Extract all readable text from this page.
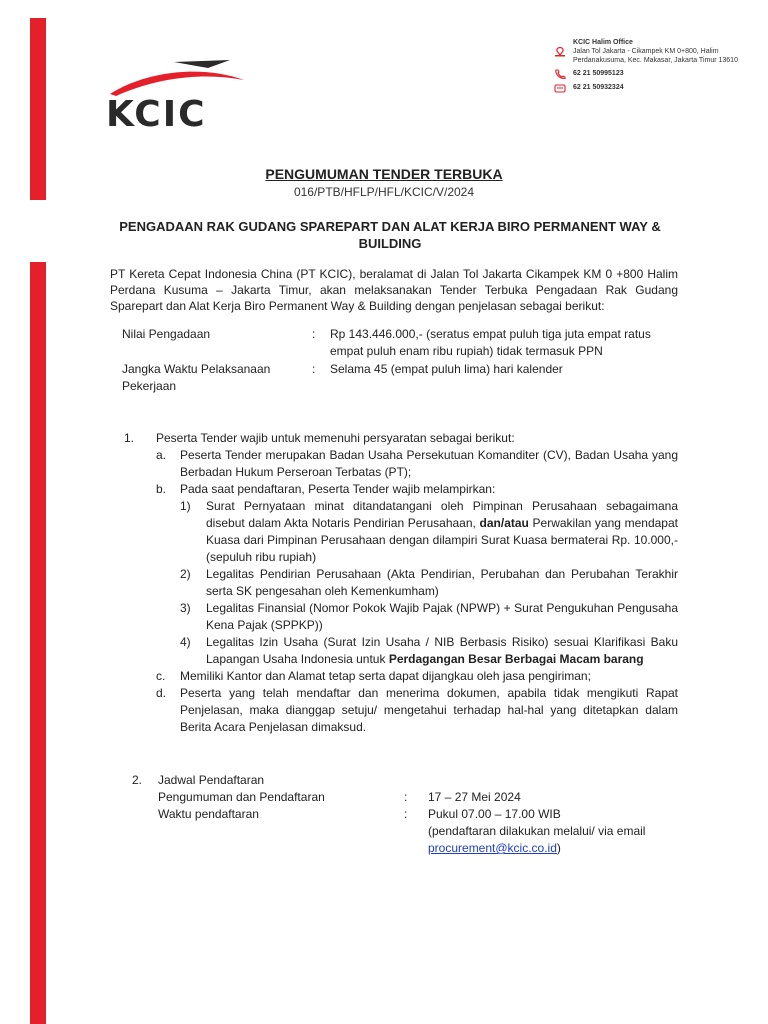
KCIC
KCIC Halim Office
Jalan Tol Jakarta - Cikampek KM 0+800, Halim Perdanakusuma, Kec. Makasar, Jakarta Timur 13610
62 21 50995123
62 21 50932324
PENGUMUMAN TENDER TERBUKA
016/PTB/HFLP/HFL/KCIC/V/2024
PENGADAAN RAK GUDANG SPAREPART DAN ALAT KERJA BIRO PERMANENT WAY & BUILDING
PT Kereta Cepat Indonesia China (PT KCIC), beralamat di Jalan Tol Jakarta Cikampek KM 0 +800 Halim Perdana Kusuma – Jakarta Timur, akan melaksanakan Tender Terbuka Pengadaan Rak Gudang Sparepart dan Alat Kerja Biro Permanent Way & Building dengan penjelasan sebagai berikut:
Nilai Pengadaan	: Rp 143.446.000,- (seratus empat puluh tiga juta empat ratus empat puluh enam ribu rupiah) tidak termasuk PPN
Jangka Waktu Pelaksanaan Pekerjaan
: Selama 45 (empat puluh lima) hari kalender
1. Peserta Tender wajib untuk memenuhi persyaratan sebagai berikut:
a. Peserta Tender merupakan Badan Usaha Persekutuan Komanditer (CV), Badan Usaha yang Berbadan Hukum Perseroan Terbatas (PT);
b. Pada saat pendaftaran, Peserta Tender wajib melampirkan:
1) Surat Pernyataan minat ditandatangani oleh Pimpinan Perusahaan sebagaimana disebut dalam Akta Notaris Pendirian Perusahaan, dan/atau Perwakilan yang mendapat Kuasa dari Pimpinan Perusahaan dengan dilampiri Surat Kuasa bermaterai Rp. 10.000,- (sepuluh ribu rupiah)
2) Legalitas Pendirian Perusahaan (Akta Pendirian, Perubahan dan Perubahan Terakhir serta SK pengesahan oleh Kemenkumham)
3) Legalitas Finansial (Nomor Pokok Wajib Pajak (NPWP) + Surat Pengukuhan Pengusaha Kena Pajak (SPPKP))
4) Legalitas Izin Usaha (Surat Izin Usaha / NIB Berbasis Risiko) sesuai Klarifikasi Baku Lapangan Usaha Indonesia untuk Perdagangan Besar Berbagai Macam barang
c. Memiliki Kantor dan Alamat tetap serta dapat dijangkau oleh jasa pengiriman;
d. Peserta yang telah mendaftar dan menerima dokumen, apabila tidak mengikuti Rapat Penjelasan, maka dianggap setuju/ mengetahui terhadap hal-hal yang ditetapkan dalam Berita Acara Penjelasan dimaksud.
2. Jadwal Pendaftaran
Pengumuman dan Pendaftaran	: 17 – 27 Mei 2024
Waktu pendaftaran	: Pukul 07.00 – 17.00 WIB
(pendaftaran dilakukan melalui/ via email procurement@kcic.co.id)
